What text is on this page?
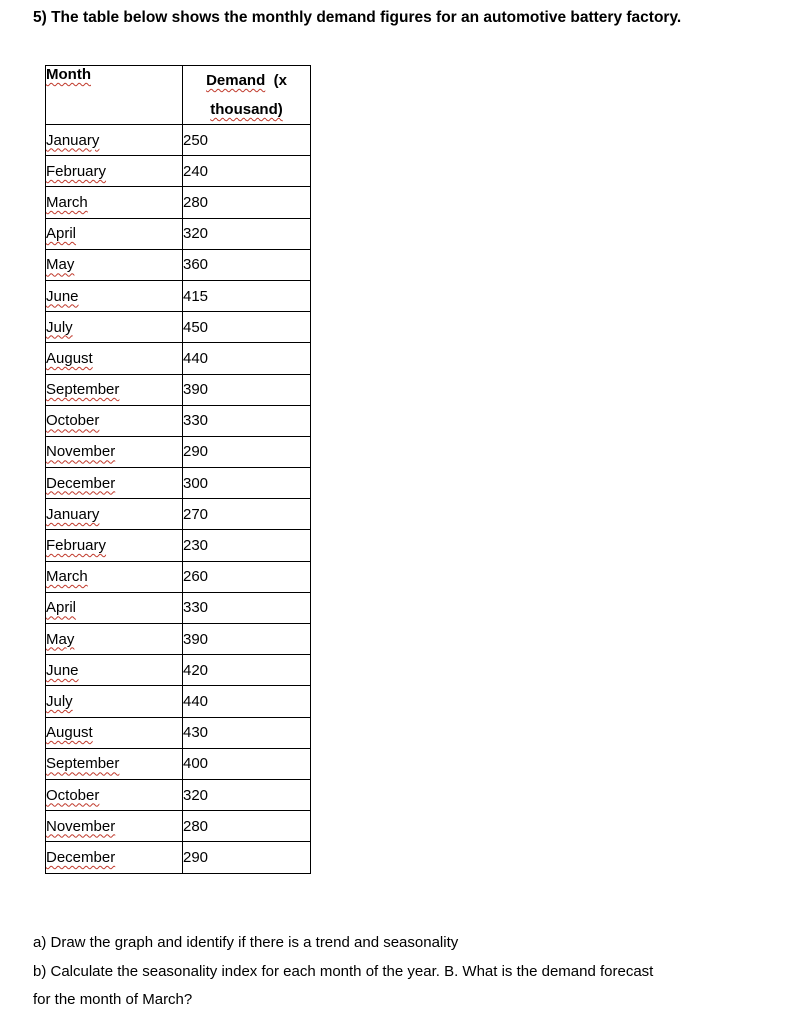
5) The table below shows the monthly demand figures for an automotive battery factory.
Month	Demand (x
thousand)
January	250
February	240
March	280
April	320
May	360
June	415
July	450
August	440
September	390
October	330
November	290
December	300
January	270
February	230
March	260
April	330
May	390
June	420
July	440
August	430
September	400
October	320
November	280
December	290

a) Draw the graph and identify if there is a trend and seasonality

b) Calculate the seasonality index for each month of the year. B. What is the demand forecast

for the month of March?
